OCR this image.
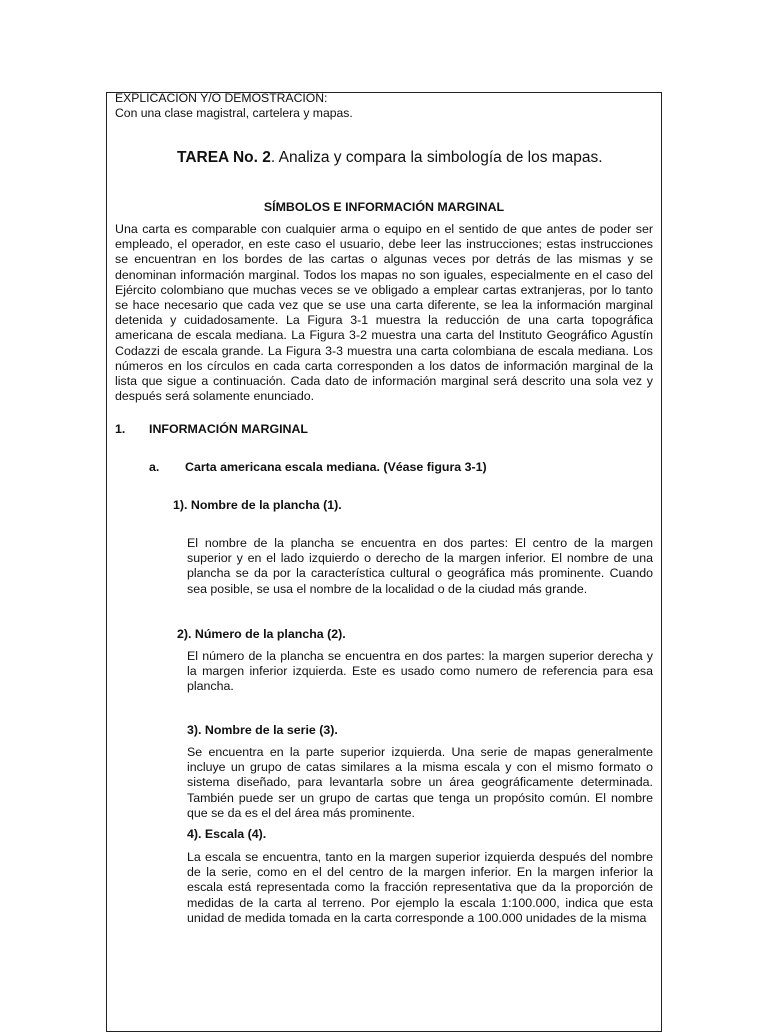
EXPLICACION Y/O DEMOSTRACION:
Con una clase magistral, cartelera y mapas.
TAREA No. 2. Analiza y compara la simbología de los mapas.
SÍMBOLOS E INFORMACIÓN MARGINAL

Una carta es comparable con cualquier arma o equipo en el sentido de que antes de poder ser empleado, el operador, en este caso el usuario, debe leer las instrucciones; estas instrucciones se encuentran en los bordes de las cartas o algunas veces por detrás de las mismas y se denominan información marginal. Todos los mapas no son iguales, especialmente en el caso del Ejército colombiano que muchas veces se ve obligado a emplear cartas extranjeras, por lo tanto se hace necesario que cada vez que se use una carta diferente, se lea la información marginal detenida y cuidadosamente. La Figura 3-1 muestra la reducción de una carta topográfica americana de escala mediana. La Figura 3-2 muestra una carta del Instituto Geográfico Agustín Codazzi de escala grande. La Figura 3-3 muestra una carta colombiana de escala mediana. Los números en los círculos en cada carta corresponden a los datos de información marginal de la lista que sigue a continuación. Cada dato de información marginal será descrito una sola vez y después será solamente enunciado.

1. INFORMACIÓN MARGINAL
a. Carta americana escala mediana. (Véase figura 3-1)
1). Nombre de la plancha (1).

El nombre de la plancha se encuentra en dos partes: El centro de la margen superior y en el lado izquierdo o derecho de la margen inferior. El nombre de una plancha se da por la característica cultural o geográfica más prominente. Cuando sea posible, se usa el nombre de la localidad o de la ciudad más grande.

2). Número de la plancha (2).

El número de la plancha se encuentra en dos partes: la margen superior derecha y la margen inferior izquierda. Este es usado como numero de referencia para esa plancha.

3). Nombre de la serie (3).

Se encuentra en la parte superior izquierda. Una serie de mapas generalmente incluye un grupo de catas similares a la misma escala y con el mismo formato o sistema diseñado, para levantarla sobre un área geográficamente determinada. También puede ser un grupo de cartas que tenga un propósito común. El nombre que se da es el del área más prominente.

4). Escala (4).

La escala se encuentra, tanto en la margen superior izquierda después del nombre de la serie, como en el del centro de la margen inferior. En la margen inferior la escala está representada como la fracción representativa que da la proporción de medidas de la carta al terreno. Por ejemplo la escala 1:100.000, indica que esta unidad de medida tomada en la carta corresponde a 100.000 unidades de la misma
